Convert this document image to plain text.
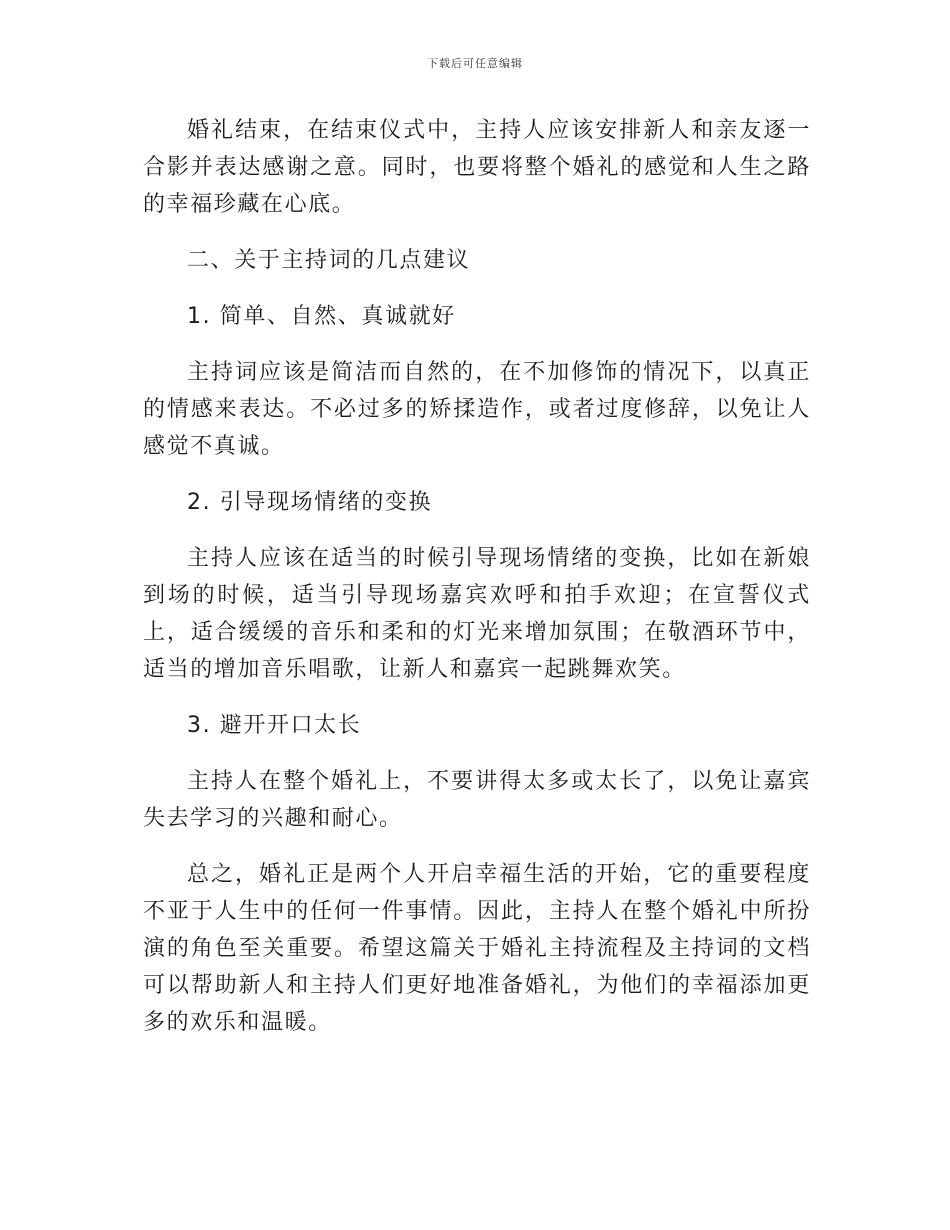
下载后可任意编辑

婚礼结束，在结束仪式中，主持人应该安排新人和亲友逐一合影并表达感谢之意。同时，也要将整个婚礼的感觉和人生之路的幸福珍藏在心底。

二、关于主持词的几点建议

1. 简单、自然、真诚就好

主持词应该是简洁而自然的，在不加修饰的情况下，以真正的情感来表达。不必过多的矫揉造作，或者过度修辞，以免让人感觉不真诚。

2. 引导现场情绪的变换

主持人应该在适当的时候引导现场情绪的变换，比如在新娘到场的时候，适当引导现场嘉宾欢呼和拍手欢迎；在宣誓仪式上，适合缓缓的音乐和柔和的灯光来增加氛围；在敬酒环节中，适当的增加音乐唱歌，让新人和嘉宾一起跳舞欢笑。

3. 避开开口太长

主持人在整个婚礼上，不要讲得太多或太长了，以免让嘉宾失去学习的兴趣和耐心。

总之，婚礼正是两个人开启幸福生活的开始，它的重要程度不亚于人生中的任何一件事情。因此，主持人在整个婚礼中所扮演的角色至关重要。希望这篇关于婚礼主持流程及主持词的文档可以帮助新人和主持人们更好地准备婚礼，为他们的幸福添加更多的欢乐和温暖。
